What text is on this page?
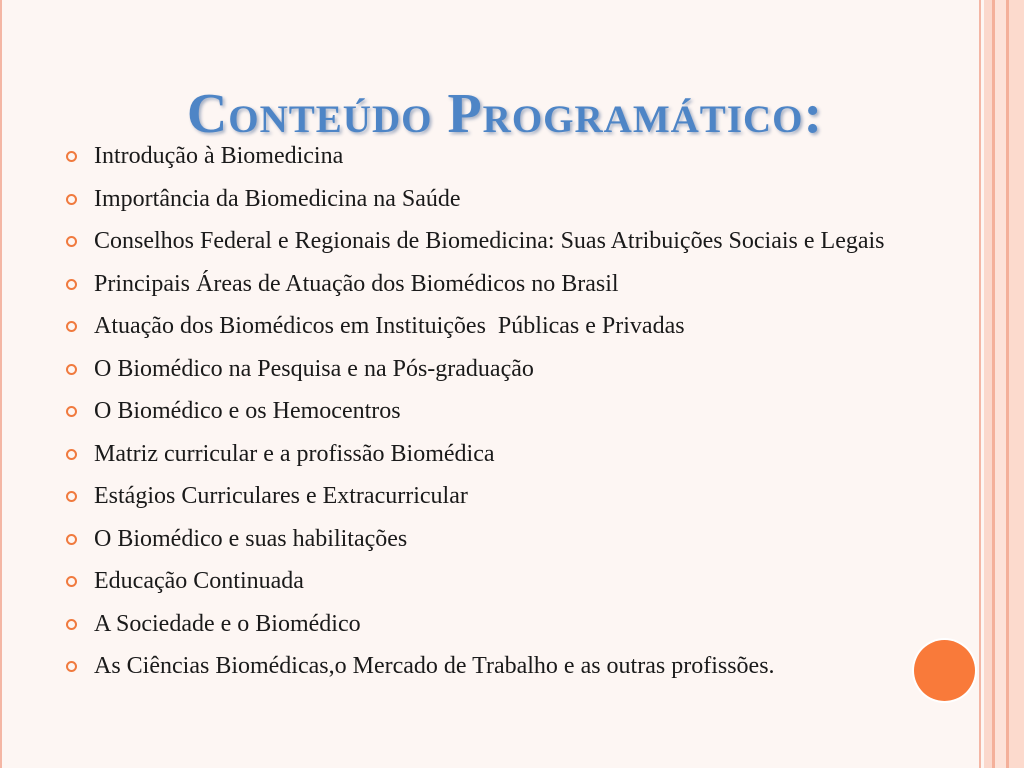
Conteúdo Programático:
Introdução à Biomedicina
Importância da Biomedicina na Saúde
Conselhos Federal e Regionais de Biomedicina: Suas Atribuições Sociais e Legais
Principais Áreas de Atuação dos Biomédicos no Brasil
Atuação dos Biomédicos em Instituições  Públicas e Privadas
O Biomédico na Pesquisa e na Pós-graduação
O Biomédico e os Hemocentros
Matriz curricular e a profissão Biomédica
Estágios Curriculares e Extracurricular
O Biomédico e suas habilitações
Educação Continuada
A Sociedade e o Biomédico
As Ciências Biomédicas,o Mercado de Trabalho e as outras profissões.
